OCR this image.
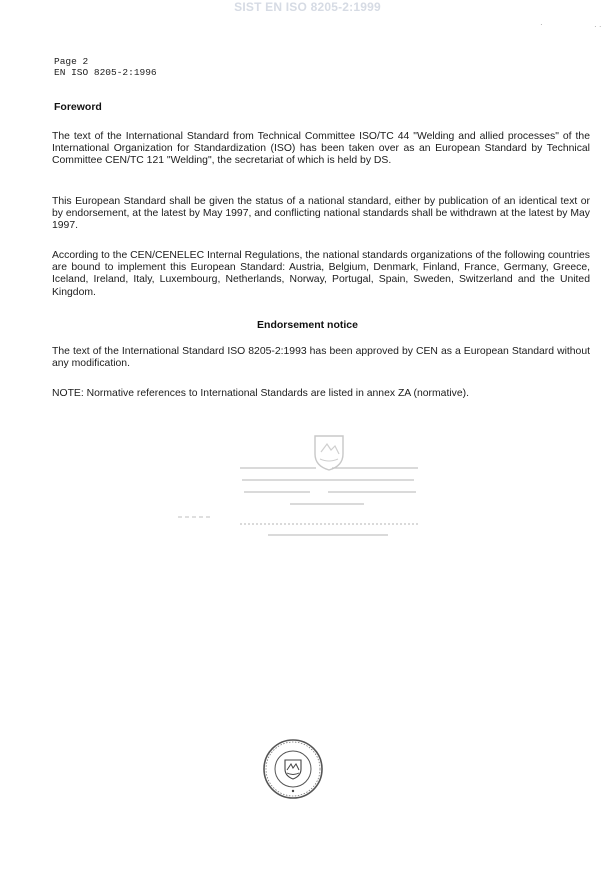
SIST EN ISO 8205-2:1999
·	· ·
Page 2
EN ISO 8205-2:1996
Foreword
The text of the International Standard from Technical Committee ISO/TC 44 "Welding and allied processes" of the International Organization for Standardization (ISO) has been taken over as an European Standard by Technical Committee CEN/TC 121 "Welding", the secretariat of which is held by DS.
This European Standard shall be given the status of a national standard, either by publication of an identical text or by endorsement, at the latest by May 1997, and conflicting national standards shall be withdrawn at the latest by May 1997.
According to the CEN/CENELEC Internal Regulations, the national standards organizations of the following countries are bound to implement this European Standard: Austria, Belgium, Denmark, Finland, France, Germany, Greece, Iceland, Ireland, Italy, Luxembourg, Netherlands, Norway, Portugal, Spain, Sweden, Switzerland and the United Kingdom.
Endorsement notice
The text of the International Standard ISO 8205-2:1993 has been approved by CEN as a European Standard without any modification.
NOTE: Normative references to International Standards are listed in annex ZA (normative).
